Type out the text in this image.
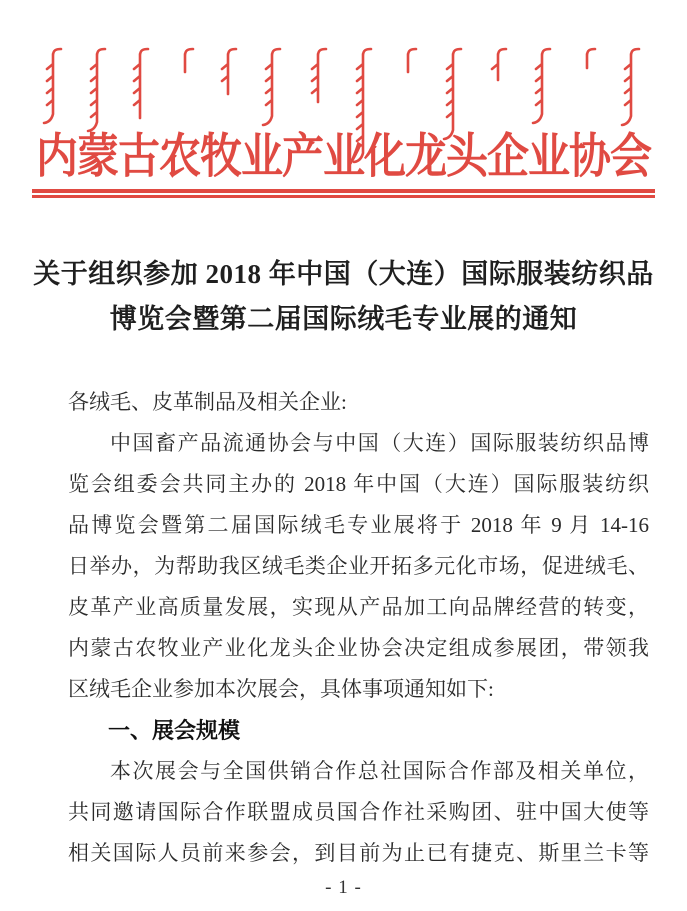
内蒙古农牧业产业化龙头企业协会
关于组织参加 2018 年中国（大连）国际服装纺织品
博览会暨第二届国际绒毛专业展的通知
各绒毛、皮革制品及相关企业:
中国畜产品流通协会与中国（大连）国际服装纺织品博
览会组委会共同主办的 2018 年中国（大连）国际服装纺织
品博览会暨第二届国际绒毛专业展将于 2018 年 9 月 14-16
日举办，为帮助我区绒毛类企业开拓多元化市场，促进绒毛、
皮革产业高质量发展，实现从产品加工向品牌经营的转变，
内蒙古农牧业产业化龙头企业协会决定组成参展团，带领我
区绒毛企业参加本次展会，具体事项通知如下:
一、展会规模
本次展会与全国供销合作总社国际合作部及相关单位，
共同邀请国际合作联盟成员国合作社采购团、驻中国大使等
相关国际人员前来参会，到目前为止已有捷克、斯里兰卡等
- 1 -
